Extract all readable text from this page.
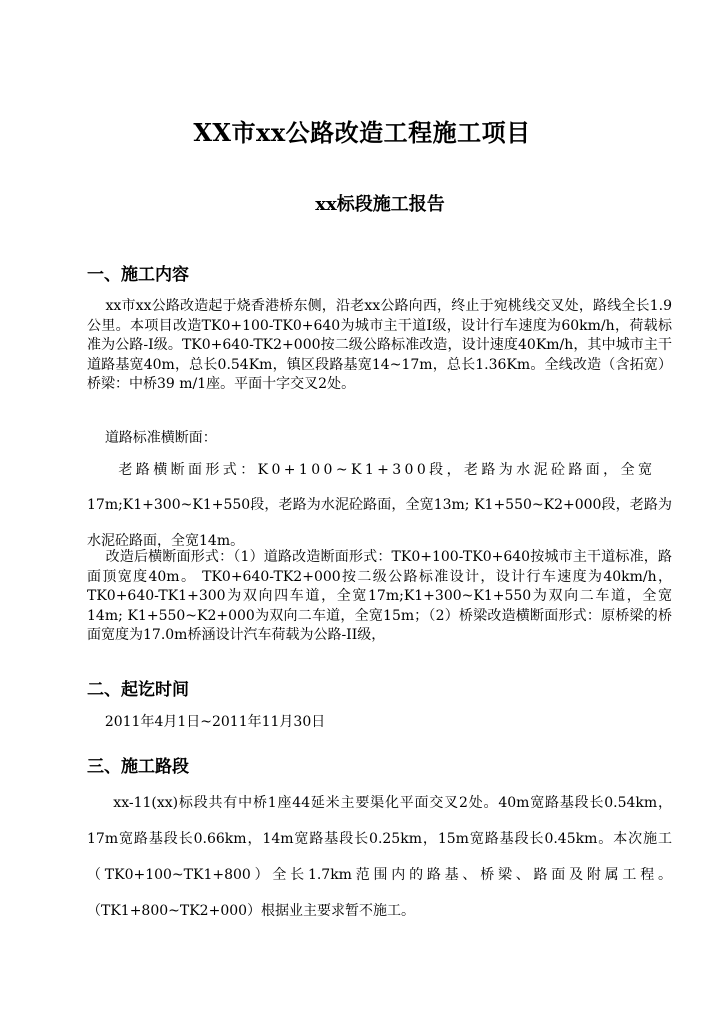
XX市xx公路改造工程施工项目
xx标段施工报告
一、施工内容
xx市xx公路改造起于烧香港桥东侧，沿老xx公路向西，终止于宛桃线交叉处，路线全长1.9公里。本项目改造TK0+100-TK0+640为城市主干道I级，设计行车速度为60km/h，荷载标准为公路-I级。TK0+640-TK2+000按二级公路标准改造，设计速度40Km/h，其中城市主干道路基宽40m，总长0.54Km，镇区段路基宽14~17m，总长1.36Km。全线改造（含拓宽）桥梁：中桥39 m/1座。平面十字交叉2处。
道路标准横断面：
老路横断面形式：K0+100~K1+300段，老路为水泥砼路面，全宽
17m;K1+300~K1+550段，老路为水泥砼路面，全宽13m; K1+550~K2+000段，老路为水泥砼路面，全宽14m。
改造后横断面形式：（1）道路改造断面形式：TK0+100-TK0+640按城市主干道标准，路面顶宽度40m。 TK0+640-TK2+000按二级公路标准设计，设计行车速度为40km/h，  TK0+640-TK1+300为双向四车道，全宽17m;K1+300~K1+550为双向二车道，全宽14m; K1+550~K2+000为双向二车道，全宽15m；（2）桥梁改造横断面形式：原桥梁的桥面宽度为17.0m桥涵设计汽车荷载为公路-II级，
二、起讫时间
2011年4月1日~2011年11月30日
三、施工路段
xx-11(xx)标段共有中桥1座44延米主要渠化平面交叉2处。40m宽路基段长0.54km，17m宽路基段长0.66km，14m宽路基段长0.25km，15m宽路基段长0.45km。本次施工（TK0+100~TK1+800）全长1.7km范围内的路基、桥梁、路面及附属工程。（TK1+800~TK2+000）根据业主要求暂不施工。
